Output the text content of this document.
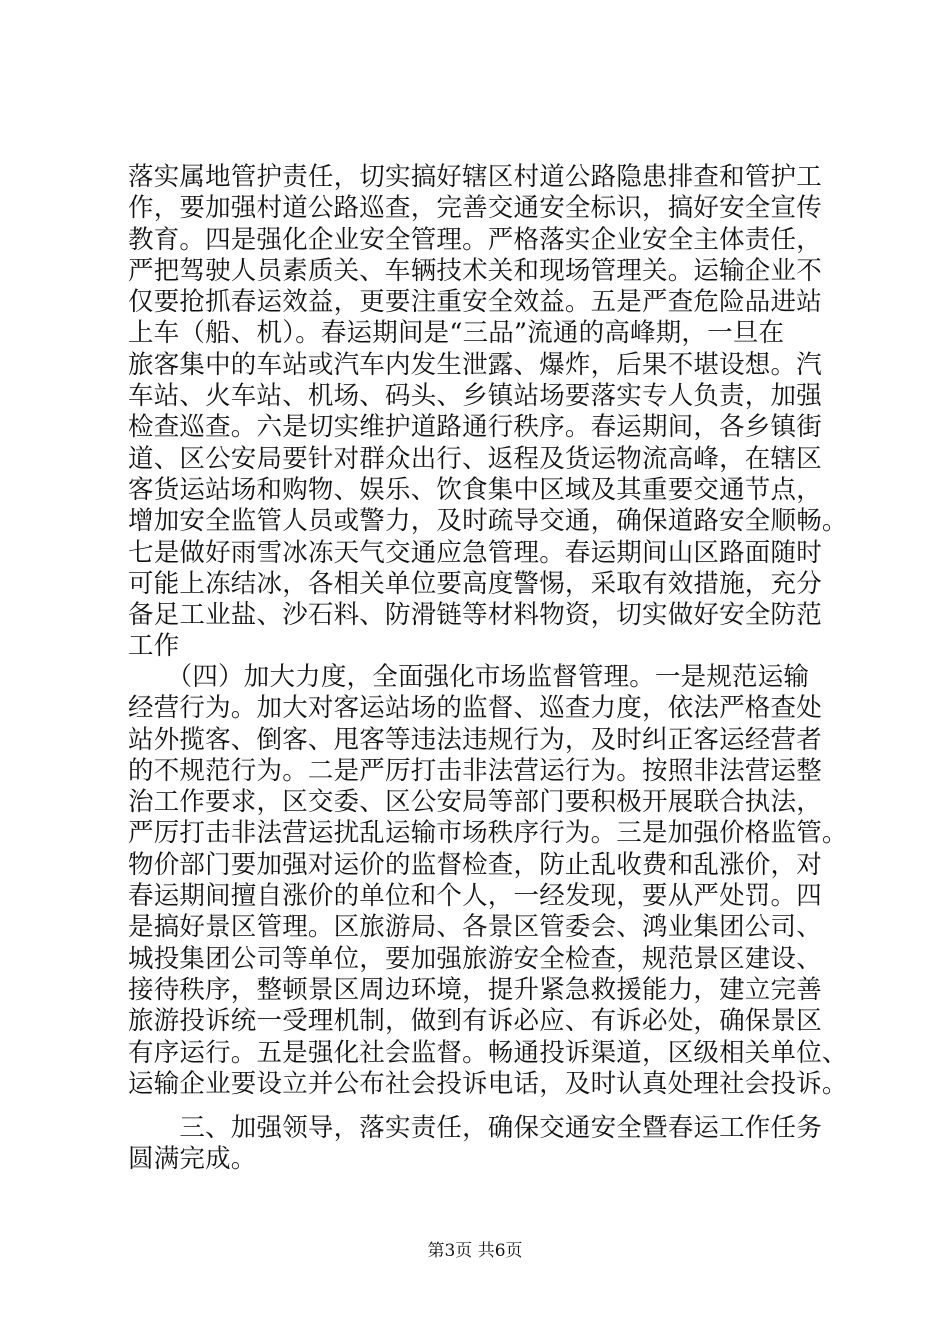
落实属地管护责任，切实搞好辖区村道公路隐患排查和管护工
作，要加强村道公路巡查，完善交通安全标识，搞好安全宣传
教育。四是强化企业安全管理。严格落实企业安全主体责任，
严把驾驶人员素质关、车辆技术关和现场管理关。运输企业不
仅要抢抓春运效益，更要注重安全效益。五是严查危险品进站
上车（船、机）。春运期间是“三品”流通的高峰期，一旦在
旅客集中的车站或汽车内发生泄露、爆炸，后果不堪设想。汽
车站、火车站、机场、码头、乡镇站场要落实专人负责，加强
检查巡查。六是切实维护道路通行秩序。春运期间，各乡镇街
道、区公安局要针对群众出行、返程及货运物流高峰，在辖区
客货运站场和购物、娱乐、饮食集中区域及其重要交通节点，
增加安全监管人员或警力，及时疏导交通，确保道路安全顺畅。
七是做好雨雪冰冻天气交通应急管理。春运期间山区路面随时
可能上冻结冰，各相关单位要高度警惕，采取有效措施，充分
备足工业盐、沙石料、防滑链等材料物资，切实做好安全防范
工作
　　（四）加大力度，全面强化市场监督管理。一是规范运输
经营行为。加大对客运站场的监督、巡查力度，依法严格查处
站外揽客、倒客、甩客等违法违规行为，及时纠正客运经营者
的不规范行为。二是严厉打击非法营运行为。按照非法营运整
治工作要求，区交委、区公安局等部门要积极开展联合执法，
严厉打击非法营运扰乱运输市场秩序行为。三是加强价格监管。
物价部门要加强对运价的监督检查，防止乱收费和乱涨价，对
春运期间擅自涨价的单位和个人，一经发现，要从严处罚。四
是搞好景区管理。区旅游局、各景区管委会、鸿业集团公司、
城投集团公司等单位，要加强旅游安全检查，规范景区建设、
接待秩序，整顿景区周边环境，提升紧急救援能力，建立完善
旅游投诉统一受理机制，做到有诉必应、有诉必处，确保景区
有序运行。五是强化社会监督。畅通投诉渠道，区级相关单位、
运输企业要设立并公布社会投诉电话，及时认真处理社会投诉。
　　三、加强领导，落实责任，确保交通安全暨春运工作任务
圆满完成。
第3页 共6页
